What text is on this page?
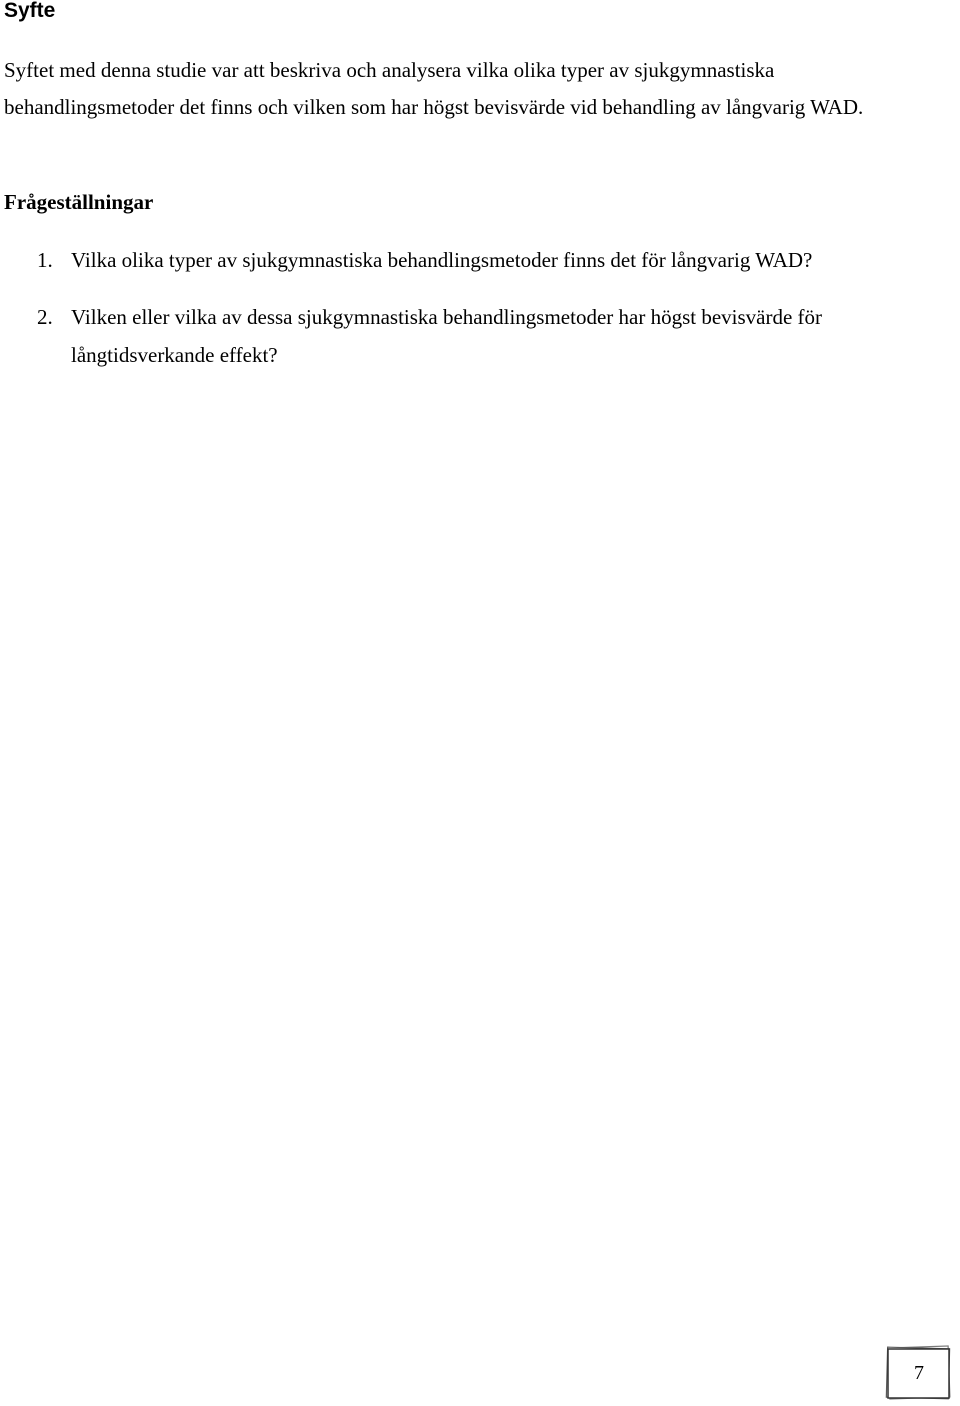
Syfte

Syftet med denna studie var att beskriva och analysera vilka olika typer av sjukgymnastiska behandlingsmetoder det finns och vilken som har högst bevisvärde vid behandling av långvarig WAD.

Frågeställningar
1. Vilka olika typer av sjukgymnastiska behandlingsmetoder finns det för långvarig WAD?
2. Vilken eller vilka av dessa sjukgymnastiska behandlingsmetoder har högst bevisvärde för långtidsverkande effekt?
7
